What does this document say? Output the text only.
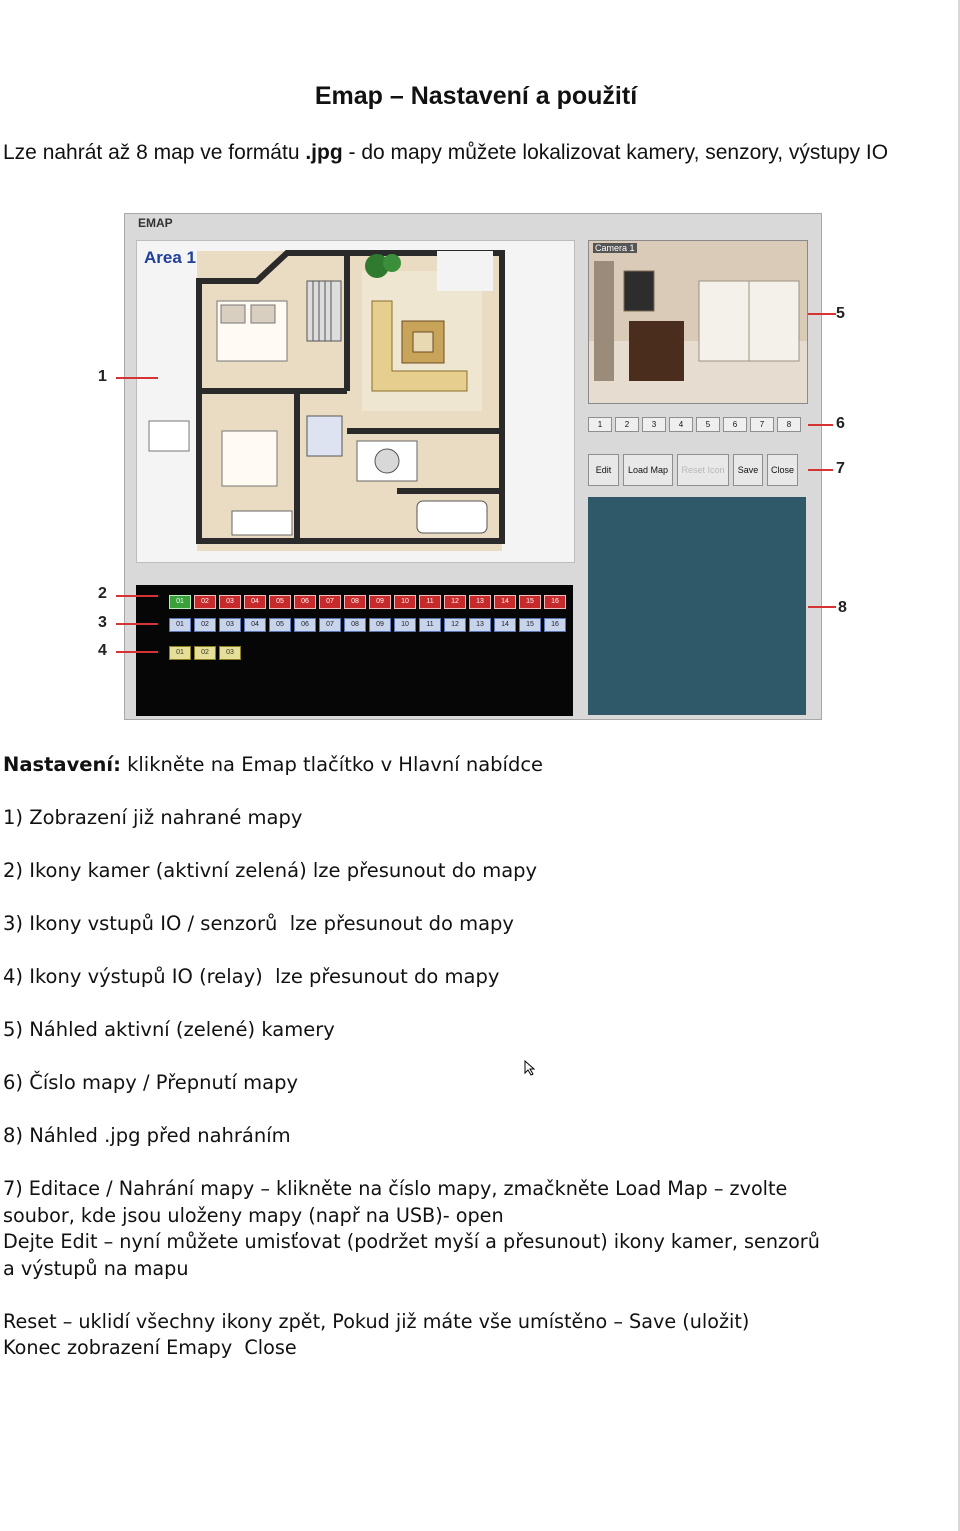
Emap – Nastavení a použití
Lze nahrát až 8 map ve formátu .jpg - do mapy můžete lokalizovat kamery, senzory, výstupy IO
EMAP
Area 1
01	02	03	04	05	06	07	08	09	10	11	12	13	14	15	16
01	02	03	04	05	06	07	08	09	10	11	12	13	14	15	16
01	02	03
Camera 1
1	2	3	4	5	6	7	8
Edit	Load Map	Reset Icon	Save	Close
1
2
3
4
5
6
7
8
Nastavení: klikněte na Emap tlačítko v Hlavní nabídce
1) Zobrazení již nahrané mapy
2) Ikony kamer (aktivní zelená) lze přesunout do mapy
3) Ikony vstupů IO / senzorů  lze přesunout do mapy
4) Ikony výstupů IO (relay)  lze přesunout do mapy
5) Náhled aktivní (zelené) kamery
6) Číslo mapy / Přepnutí mapy
8) Náhled .jpg před nahráním
7) Editace / Nahrání mapy – klikněte na číslo mapy, zmačkněte Load Map – zvolte
soubor, kde jsou uloženy mapy (např na USB)- open
Dejte Edit – nyní můžete umisťovat (podržet myší a přesunout) ikony kamer, senzorů
a výstupů na mapu
Reset – uklidí všechny ikony zpět, Pokud již máte vše umístěno – Save (uložit)
Konec zobrazení Emapy  Close
